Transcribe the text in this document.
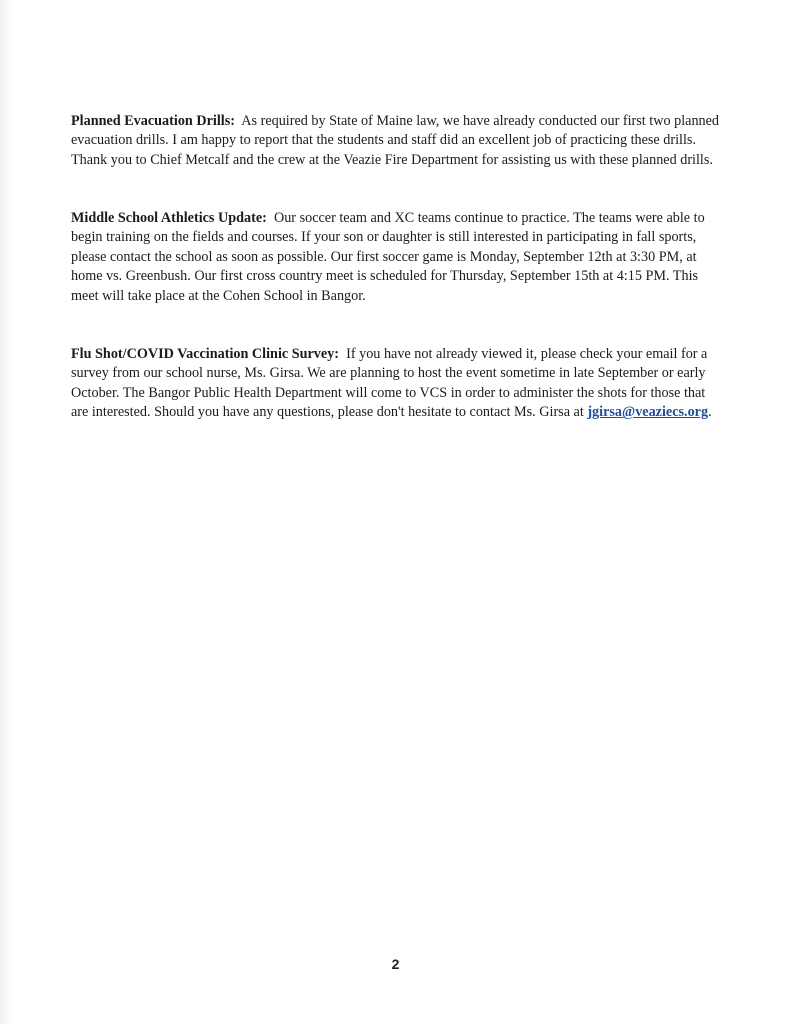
Planned Evacuation Drills: As required by State of Maine law, we have already conducted our first two planned evacuation drills. I am happy to report that the students and staff did an excellent job of practicing these drills. Thank you to Chief Metcalf and the crew at the Veazie Fire Department for assisting us with these planned drills.

Middle School Athletics Update: Our soccer team and XC teams continue to practice. The teams were able to begin training on the fields and courses. If your son or daughter is still interested in participating in fall sports, please contact the school as soon as possible. Our first soccer game is Monday, September 12th at 3:30 PM, at home vs. Greenbush. Our first cross country meet is scheduled for Thursday, September 15th at 4:15 PM. This meet will take place at the Cohen School in Bangor.

Flu Shot/COVID Vaccination Clinic Survey: If you have not already viewed it, please check your email for a survey from our school nurse, Ms. Girsa. We are planning to host the event sometime in late September or early October. The Bangor Public Health Department will come to VCS in order to administer the shots for those that are interested. Should you have any questions, please don't hesitate to contact Ms. Girsa at jgirsa@veaziecs.org.

2
